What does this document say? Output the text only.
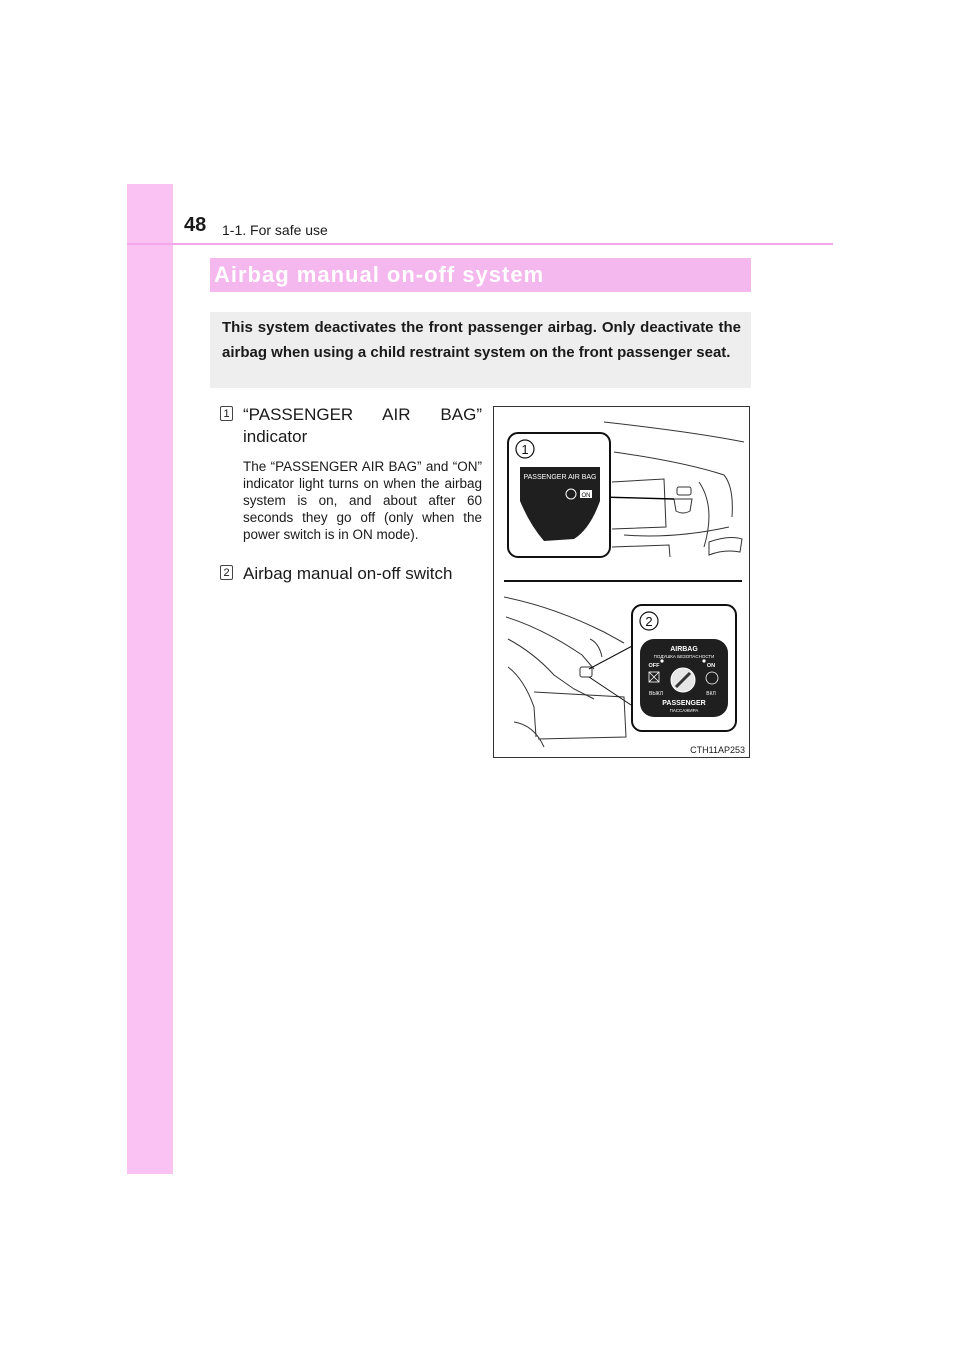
48 1-1. For safe use
Airbag manual on-off system
This system deactivates the front passenger airbag. Only deactivate the airbag when using a child restraint system on the front passenger seat.
1 “PASSENGER AIR BAG” indicator
The “PASSENGER AIR BAG” and “ON” indicator light turns on when the airbag system is on, and about after 60 seconds they go off (only when the power switch is in ON mode).
2 Airbag manual on-off switch
1
PASSENGER AIR BAG
ON
2
AIRBAG
ПОДУШКА БЕЗОПАСНОСТИ
OFF	ON
ВЫКЛ	ВКЛ
PASSENGER
ПАССАЖИРА
CTH11AP253
